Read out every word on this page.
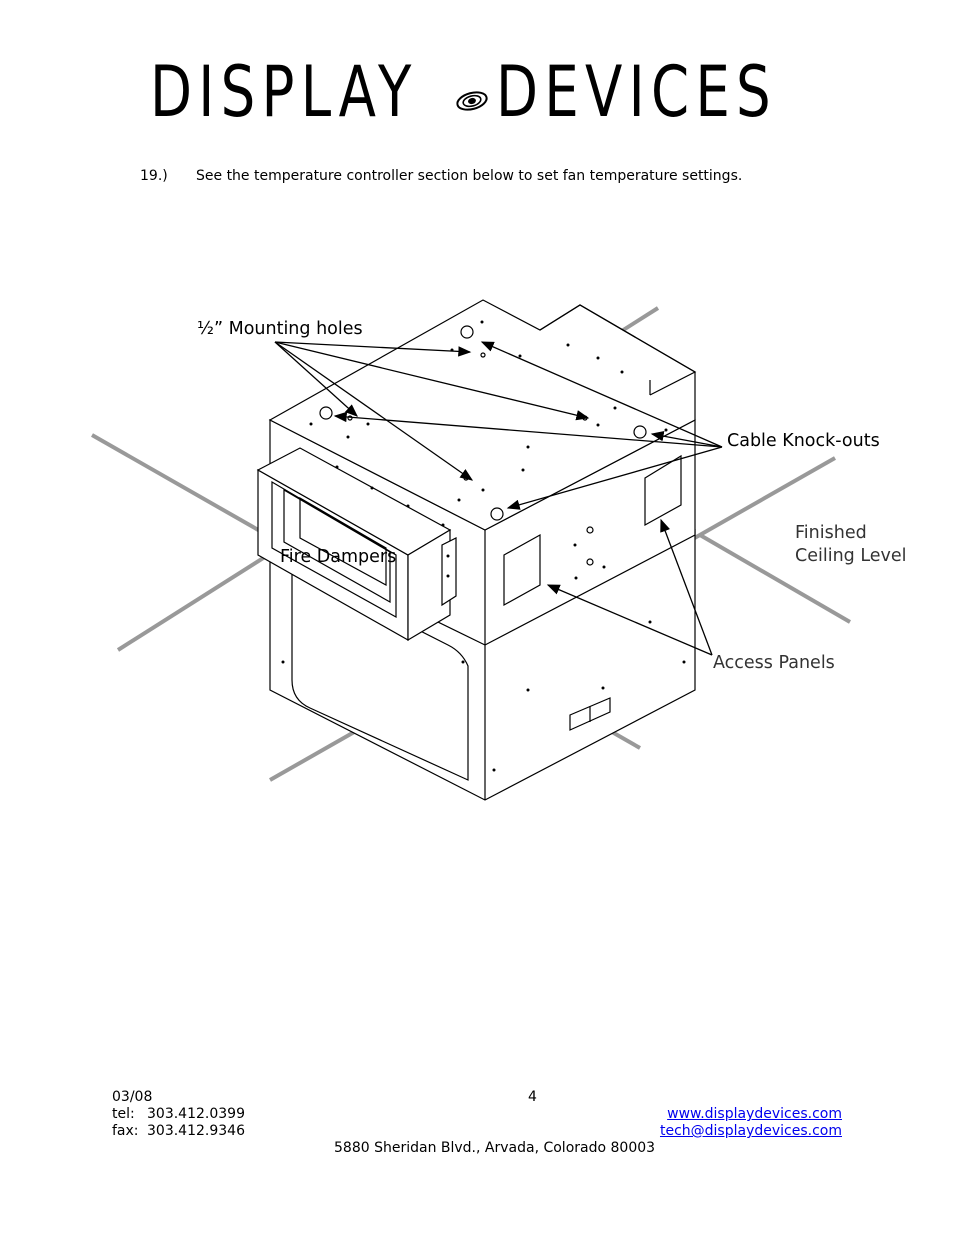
DISPLAY DEVICES
19.) See the temperature controller section below to set fan temperature settings.
½” Mounting holes
Cable Knock-outs
Fire Dampers
Finished
Ceiling Level
Access Panels
03/08	4
tel: 303.412.0399
fax: 303.412.9346
www.displaydevices.com
tech@displaydevices.com
5880 Sheridan Blvd., Arvada, Colorado 80003
